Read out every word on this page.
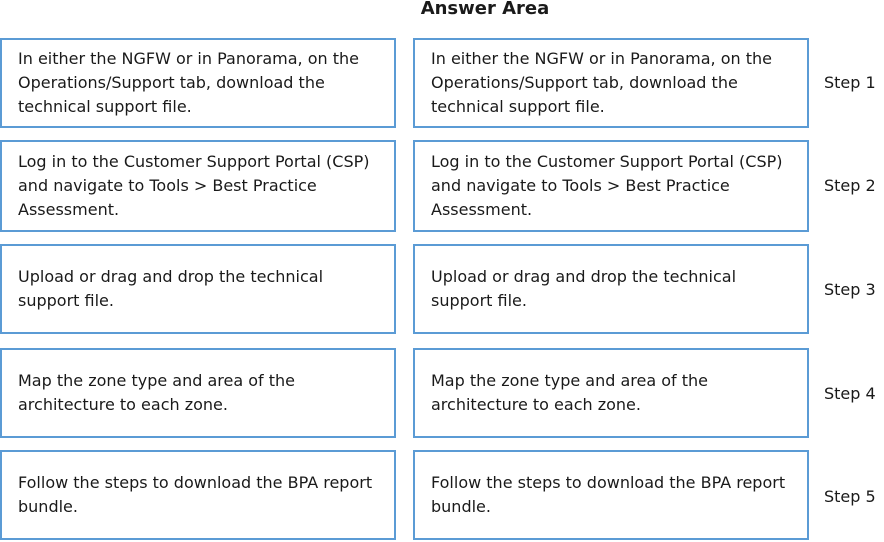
Answer Area
In either the NGFW or in Panorama, on the Operations/Support tab, download the technical support file.
Log in to the Customer Support Portal (CSP) and navigate to Tools > Best Practice Assessment.
Upload or drag and drop the technical support file.
Map the zone type and area of the architecture to each zone.
Follow the steps to download the BPA report bundle.
In either the NGFW or in Panorama, on the Operations/Support tab, download the technical support file.
Log in to the Customer Support Portal (CSP) and navigate to Tools > Best Practice Assessment.
Upload or drag and drop the technical support file.
Map the zone type and area of the architecture to each zone.
Follow the steps to download the BPA report bundle.
Step 1
Step 2
Step 3
Step 4
Step 5
